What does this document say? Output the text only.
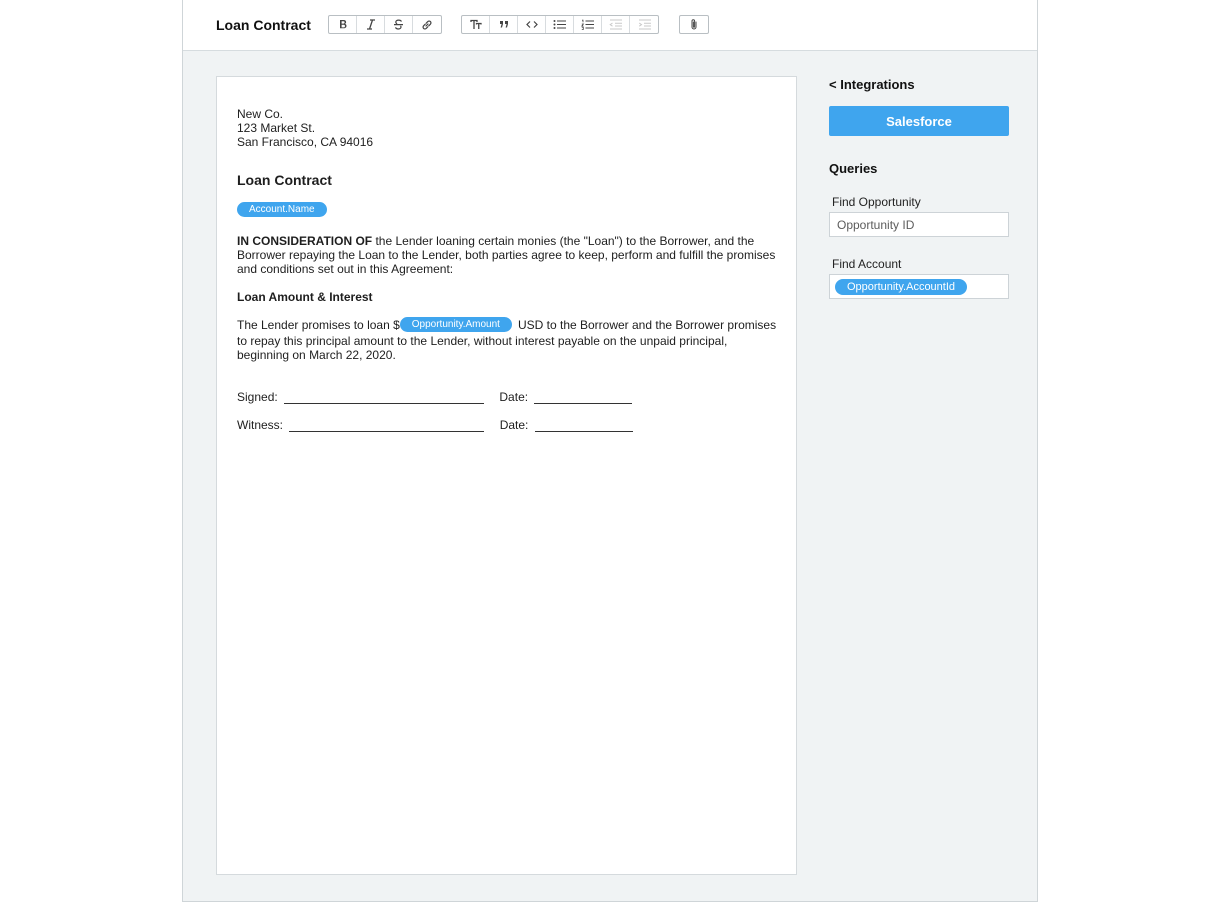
Loan Contract
New Co.
123 Market St.
San Francisco, CA 94016
Loan Contract
Account.Name
IN CONSIDERATION OF the Lender loaning certain monies (the "Loan") to the Borrower, and the Borrower repaying the Loan to the Lender, both parties agree to keep, perform and fulfill the promises and conditions set out in this Agreement:
Loan Amount & Interest
The Lender promises to loan $ Opportunity.Amount USD to the Borrower and the Borrower promises to repay this principal amount to the Lender, without interest payable on the unpaid principal, beginning on March 22, 2020.
Signed:	Date:
Witness:	Date:
< Integrations
Salesforce
Queries
Find Opportunity
Opportunity ID
Find Account
Opportunity.AccountId
